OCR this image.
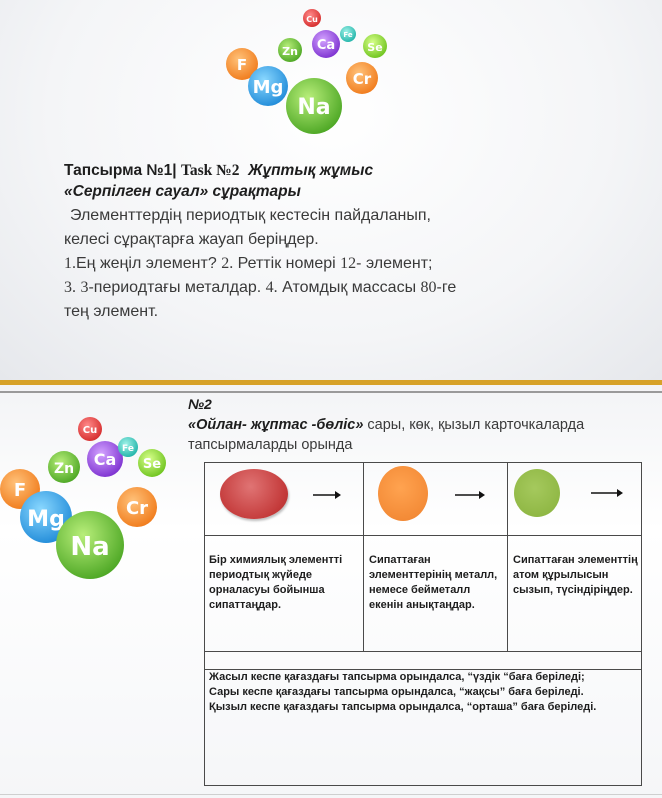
Cu
Zn Ca
Fe
Se
F
Mg	Cr
Na
Тапсырма №1| Task №2 Жұптық жұмыс
«Серпілген сауал» сұрақтары
Элементтердің периодтық кестесін пайдаланып,
келесі сұрақтарға жауап беріңдер.
1.Ең жеңіл элемент? 2. Реттік номері 12- элемент;
3. 3-периодтағы металдар. 4. Атомдық массасы 80-ге
тең элемент.
Cu
Zn Ca
Fe
Se
F
Mg	Cr
Na
№2
«Ойлан- жұптас -бөліс» сары, көк, қызыл карточкаларда тапсырмаларды орында
Бір химиялық элементті периодтық жүйеде орналасуы бойынша сипаттаңдар.
Сипаттаған элементтерінің металл, немесе бейметалл екенін анықтаңдар.
Сипаттаған элементтің атом құрылысын сызып, түсіндіріңдер.
Жасыл кеспе қағаздағы тапсырма орындалса, “үздік “баға беріледі;
Сары кеспе қағаздағы тапсырма орындалса, “жақсы” баға беріледі.
Қызыл кеспе қағаздағы тапсырма орындалса, “орташа” баға беріледі.
